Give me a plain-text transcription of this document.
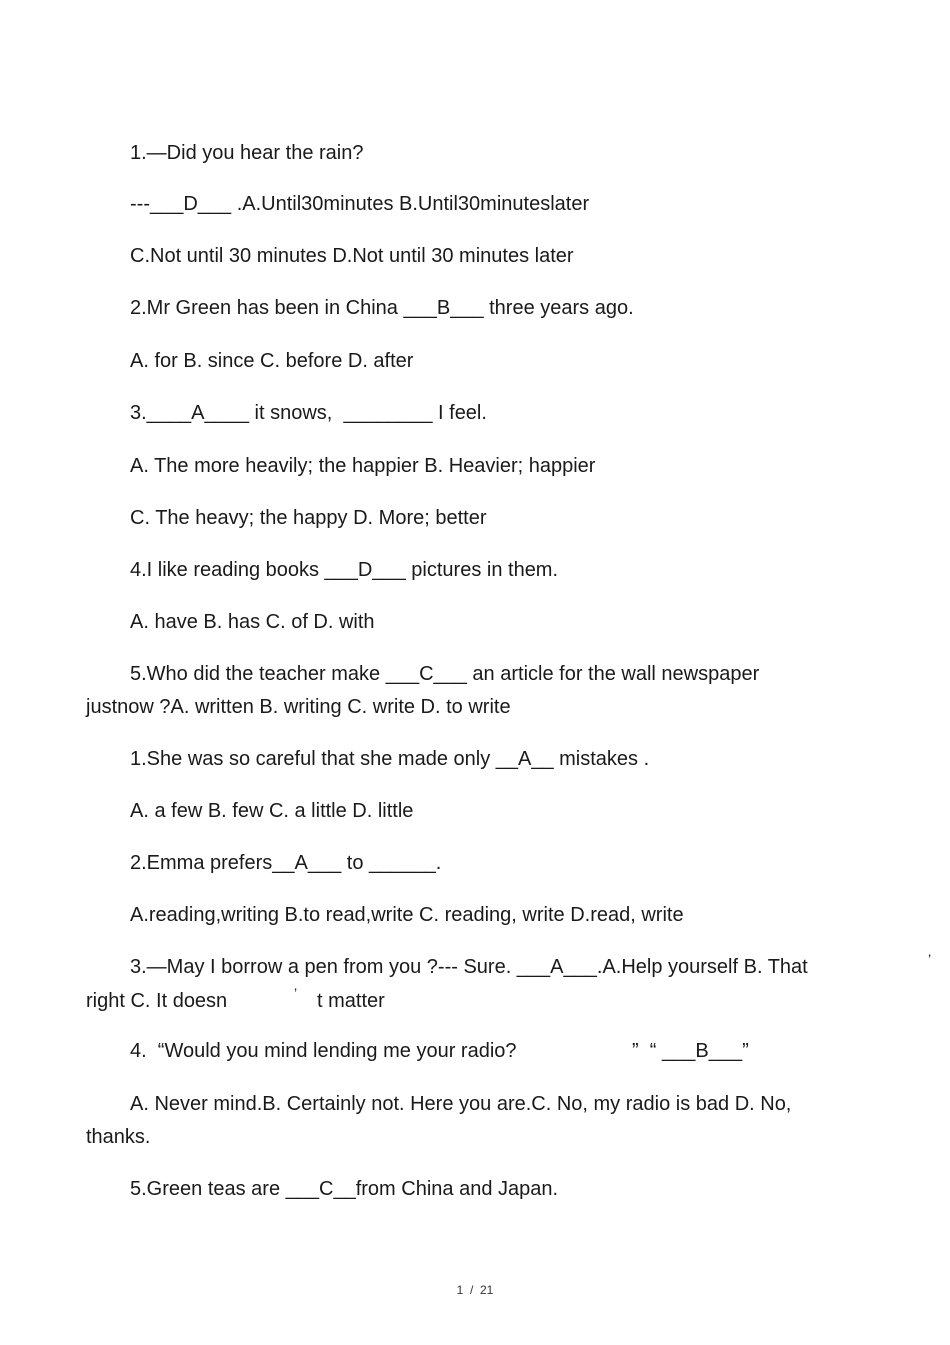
1.—Did you hear the rain?

---___D___ .A.Until30minutes B.Until30minuteslater

C.Not until 30 minutes D.Not until 30 minutes later

2.Mr Green has been in China ___B___ three years ago.

A. for B. since C. before D. after

3.____A____ it snows,  ________ I feel.

A. The more heavily; the happier B. Heavier; happier

C. The heavy; the happy D. More; better

4.I like reading books ___D___ pictures in them.

A. have B. has C. of D. with

5.Who did the teacher make ___C___ an article for the wall newspaper

justnow ?A. written B. writing C. write D. to write

1.She was so careful that she made only __A__ mistakes .

A. a few B. few C. a little D. little

2.Emma prefers__A___ to ______.

A.reading,writing B.to read,write C. reading, write D.read, write

3.—May I borrow a pen from you ?--- Sure. ___A___.A.Help yourself B. That	’

right C. It doesn	’ t matter

4.  “Would you mind lending me your radio?	”  “ ___B___”

A. Never mind.B. Certainly not. Here you are.C. No, my radio is bad D. No,

thanks.

5.Green teas are ___C__from China and Japan.

1  /  21
